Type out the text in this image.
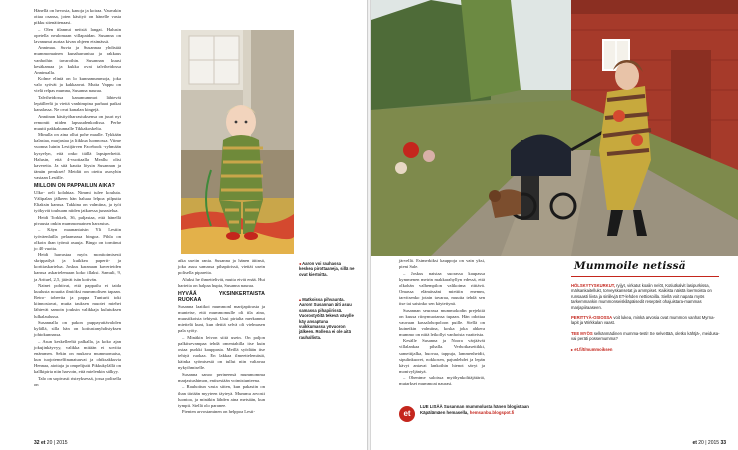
Hänellä on hevosia, kanoja ja koiraa. Vauvakin ottaa osansa, joten käsityö on hänelle vasta pikku sitenäitenaasi.

– Olen tilannut neitsiä langat. Halusin opetella neulomaan villapaidan. Susanna on lavanunut aurtaa kivan ohjeen etsimässä.

Annimaa. Suvia ja Susannaa yhdistää mummomainen kunaharraniua ja rakkaus vanhoihin tavaroihin. Susannan kuusi kesäkamaa ja kukka ovat talviheidossa Anninsalla.

Kolme elintä on lo kunnamummoja, joka valo syövät ja kakkaavat. Mutta Vappu on vielä relpas mumna, Susanna nauraa.

Talviheidossa kanamummot lähtevät lepäilleelä ja viettä vanhimpina parhaat paikat kanalassa. Ne ovat kanalan kingejä.

Anniinan käsityöharrastuksensa on juuri nyt remontti niiden lapsuudenkodissa. Perhe muutti pakkakunnalle Tikkakoskelta.

Minulla on aina ollut pohe maalle. Tykkään kalastaa, marjastaa ja liikkua luonnossa. Viime vuonna luinin Lestijärven Facebook -ryhmään kysyelyn, että onko tiällä lapsiperheitä. Halusin, että 4-vuotiaalla Meallu olisi kavereita. Ja sitä kautta löysin Susannan ja tämän perukset! Meidät on otettu asosyhin vastaan Lestille.

MILLOIN ON PAPPAILUN AIKA?

Ulko- oeli kolahtaa. Nimmi tulee kouluta. Välipalan jälkeen hän haluaa lelpoa pilputta Eliaksin kanssa. Takkina on valmiina, ja työt työkyvät touhuam niiden jatkaessa junastelua.

Heidi Torkkeli, 36, paljastaa, että hänellä pivausta onkin mummomainen harrastus.

– Käyn maanantaisin Yli Lestiin työväenlailla pelaamassa bingoa. Pihla on olkoin ihan työmä asuuja. Bingo on torniinut jo 40 vuotta.

Heidi harrastaa myös monitoimisesti skrippailyä ja kuikkea paperit- ja korttiaskartelua. Joskus karanaan kaverieiden kanssa askartelemaan koko illaksi. Samuli, 9, ja Arttuel, 2,5, jäävät isän kotivän.

Nainet pohtivat, että pappailu ei taida kuulusta nouaita ilmiöksi mummolisen tapaan. Retro- tobeeita ja pappa Tunturit toki kiinnostavat, mutta tauksen muotet miehet lähtevät samoin jouksin valikkaja kulutuksen lulkalaulussa.

Susannalla on pakon puppayattävalolen kylällä, silla hän on kotiustanyhdistyksen johtokunnassa.

– Asun keskelleeltä palkalla, ja koko ajan jokujinkäyvyy, valikka mitään ei soviita enämmen. Sekin on mukava mummomaisa, kun tuojotemelfinanatuuvat ja ohiksakkuvia Hennaa, aiottaja ja ompelijutti Pikkukylällä on kallkipiria niin harvoin, että mielenkin sälkyy.

Talo on sopivasti risteyksessä, jossa polisella on

◂ Aaron voi rauhassa keskea pirottaaneja, sillä ne ovat kiertoitta.
▴ Matkoissa pihvaunta. Aaron! Susannan äiti asuu samassa pihapiirissä. Vuorostyöitä tekevä vävylle käy ansaptuna vuikkumassa yövuoron jälkeen. Rollena ei ole aitä rauhallista.

aika useiin rania. Susanna ja hänen äitinsä, joka asuu samassa pihapiirissä, viettät usein polisella pipareita.

Aluksi he ihmettelivät, mutta eivät enää. Hui harteita on halpaa hupia, Susanna nauraa.

HYVÄÄ YKSINKERTAISTA RUOKAA

Susanna laatikoi mummonl marijapiirasta ja munteise, että mummomulle oli tila aina, muustikoista tehtynä. Uusi pirtalta merkannut miettelä kunt, kun dettiä selvä oli vielmasen pala syöty.

– Minäkin leivon siitä usein. On paljon palkitsevampaa tehdä omentahilla itse kuin ostaa purkki kauppasta. Meillä syödään itse tehtyä ruokaa. En lakkaa ilmeettelemästä, käinka syömisestä on tullut niin valtavaa nykyihmiselle.

Susanna sanoo perineensä mummomma marjastushimon, entisestään voimistunteena.

– Rauhoitun vasta sitten, kun pakastin on ihan täriään myyteen täyteyä. Mummu arvosti luontoa, ja minäkin lähden aina metsään, kun tympii. Siellä olo paranee.

Pienten arvostaminen on helppoa Lesti-

32 et 20 | 2015

järvellä. Esimerkiksi kauppoja on vain yksi, pieni Sale.

– Joskus naistaa suorassa kaupassa kymmenen metrin makkarahyllyn edessä, että olkohän valhempilon valikoima riittävä. Omassa elämässäni miettiin enemm, tarvitsenko jotain tavaraa, muutta tehdä sen itse tai saisinko sen käytettynä.

Susannan seurassa mummokodin prejektiä on kuusa riinymuotansa tupaan. Hän odottaa vauvaan kassalohopoloon puille. Siellä on kuinetkin valmiina, koska joka ahkera mummo on niitä leikollyt vanhoista vaatteista.

Kesälle Susanna ja Noora värjäävät villalankaa pihalla. Verhotkasettikki, samettijalka, huovaa, tappuja, lammenheidit, sipulinkuoret, nokkosen, pajunlehdet ja lepän kävyt antavat lankoihin hienot sävyt ja monivyljäntyä.

– Ohentme saloissa myöhynkolttäjätäriä, mutarkset mummoat naurasi.

et
LUE LISÄÄ Susannan mummolusta hänen blogistaan Käpälämäen hemasella, hemsanbu.blogspot.fi
Mummoile netissä
HÖLSKYTYSKURKUT, ryijyt, virkatut koalin nelöt, Kotiutkalvit lasipurkissa, mälsankaitellukt, torveyskansetat ja ammpiset. Kaikista näistä loermoista on runsaasti liivta ja sinlikvjä ET-lehden nettiosoilla. Siellä voit napata myös tarkemmankin mummonseiskiläpäisedit resepteit ohajuistara-mammas marjapiiraaseen.
PERITTYÄ-OSIOSSA voit lukea, minkä arvosia ovat mummon vanhat Myrna-lapit ja Wirkkalan vaast.
TEE MYÖS selkänmädinen mumma-testi! Se selvettää, oletko kähtjä-, meidusa- vai peräti possemumma?
▸ et.fi/t/mummoiksen
et 20 | 2015 33
